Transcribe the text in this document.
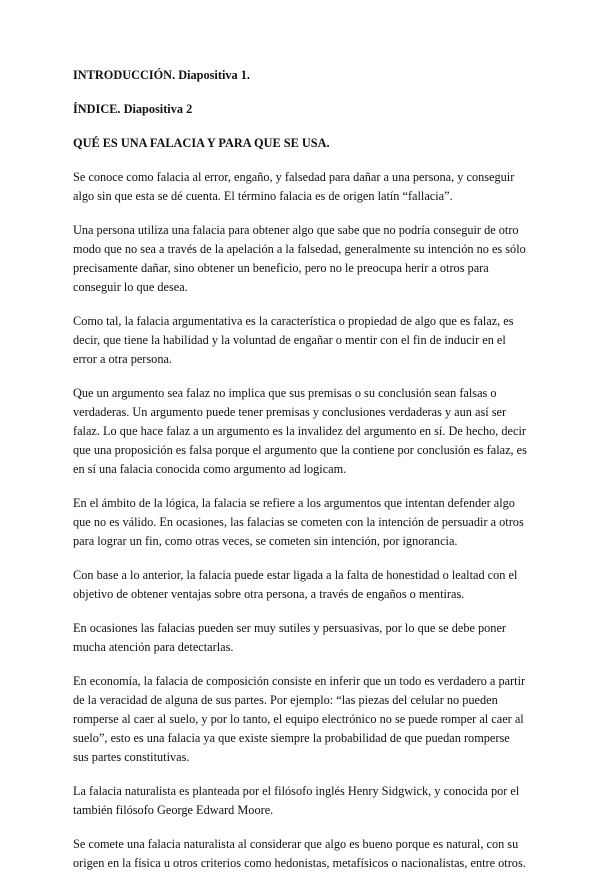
INTRODUCCIÓN. Diapositiva 1.

ÍNDICE. Diapositiva 2

QUÉ ES UNA FALACIA Y PARA QUE SE USA.

Se conoce como falacia al error, engaño, y falsedad para dañar a una persona, y conseguir algo sin que esta se dé cuenta. El término falacia es de origen latín “fallacia”.

Una persona utiliza una falacia para obtener algo que sabe que no podría conseguir de otro modo que no sea a través de la apelación a la falsedad, generalmente su intención no es sólo precisamente dañar, sino obtener un beneficio, pero no le preocupa herir a otros para conseguir lo que desea.

Como tal, la falacia argumentativa es la característica o propiedad de algo que es falaz, es decir, que tiene la habilidad y la voluntad de engañar o mentir con el fin de inducir en el error a otra persona.

Que un argumento sea falaz no implica que sus premisas o su conclusión sean falsas o verdaderas. Un argumento puede tener premisas y conclusiones verdaderas y aun así ser falaz. Lo que hace falaz a un argumento es la invalidez del argumento en sí. De hecho, decir que una proposición es falsa porque el argumento que la contiene por conclusión es falaz, es en sí una falacia conocida como argumento ad logicam.

En el ámbito de la lógica, la falacia se refiere a los argumentos que intentan defender algo que no es válido. En ocasiones, las falacias se cometen con la intención de persuadir a otros para lograr un fin, como otras veces, se cometen sin intención, por ignorancia.

Con base a lo anterior, la falacia puede estar ligada a la falta de honestidad o lealtad con el objetivo de obtener ventajas sobre otra persona, a través de engaños o mentiras.

En ocasiones las falacias pueden ser muy sutiles y persuasivas, por lo que se debe poner mucha atención para detectarlas.

En economía, la falacia de composición consiste en inferir que un todo es verdadero a partir de la veracidad de alguna de sus partes. Por ejemplo: “las piezas del celular no pueden romperse al caer al suelo, y por lo tanto, el equipo electrónico no se puede romper al caer al suelo”, esto es una falacia ya que existe siempre la probabilidad de que puedan romperse sus partes constitutivas.

La falacia naturalista es planteada por el filósofo inglés Henry Sidgwick, y conocida por el también filósofo George Edward Moore.

Se comete una falacia naturalista al considerar que algo es bueno porque es natural, con su origen en la física u otros criterios como hedonistas, metafísicos o nacionalistas, entre otros.
